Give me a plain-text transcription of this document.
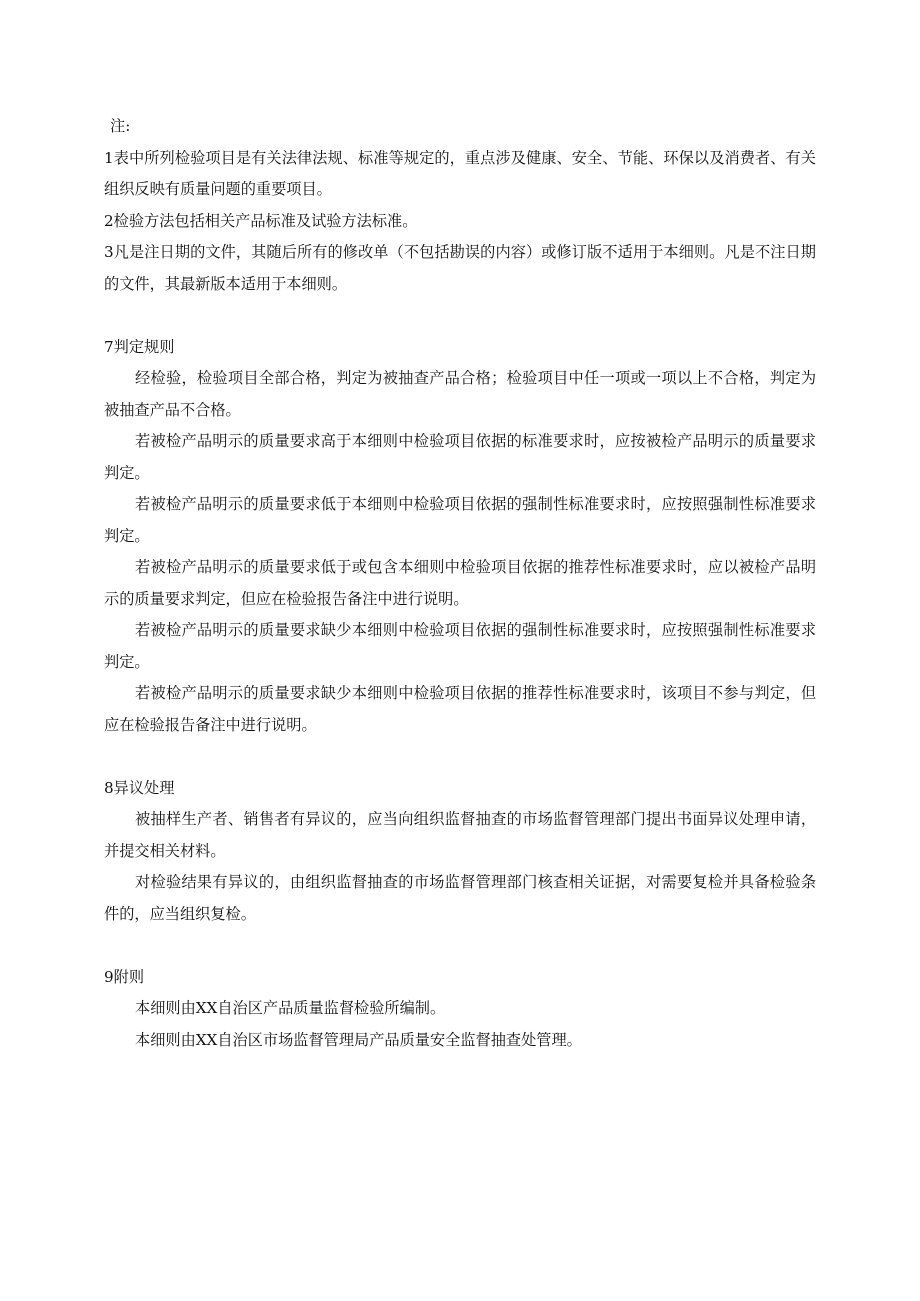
注:

1表中所列检验项目是有关法律法规、标准等规定的，重点涉及健康、安全、节能、环保以及消费者、有关组织反映有质量问题的重要项目。

2检验方法包括相关产品标准及试验方法标准。

3凡是注日期的文件，其随后所有的修改单（不包括勘误的内容）或修订版不适用于本细则。凡是不注日期的文件，其最新版本适用于本细则。

7判定规则

经检验，检验项目全部合格，判定为被抽查产品合格；检验项目中任一项或一项以上不合格，判定为被抽查产品不合格。

若被检产品明示的质量要求高于本细则中检验项目依据的标准要求时，应按被检产品明示的质量要求判定。

若被检产品明示的质量要求低于本细则中检验项目依据的强制性标准要求时，应按照强制性标准要求判定。

若被检产品明示的质量要求低于或包含本细则中检验项目依据的推荐性标准要求时，应以被检产品明示的质量要求判定，但应在检验报告备注中进行说明。

若被检产品明示的质量要求缺少本细则中检验项目依据的强制性标准要求时，应按照强制性标准要求判定。

若被检产品明示的质量要求缺少本细则中检验项目依据的推荐性标准要求时，该项目不参与判定，但应在检验报告备注中进行说明。

8异议处理

被抽样生产者、销售者有异议的，应当向组织监督抽查的市场监督管理部门提出书面异议处理申请，并提交相关材料。

对检验结果有异议的，由组织监督抽查的市场监督管理部门核查相关证据，对需要复检并具备检验条件的，应当组织复检。

9附则

本细则由XX自治区产品质量监督检验所编制。

本细则由XX自治区市场监督管理局产品质量安全监督抽查处管理。
